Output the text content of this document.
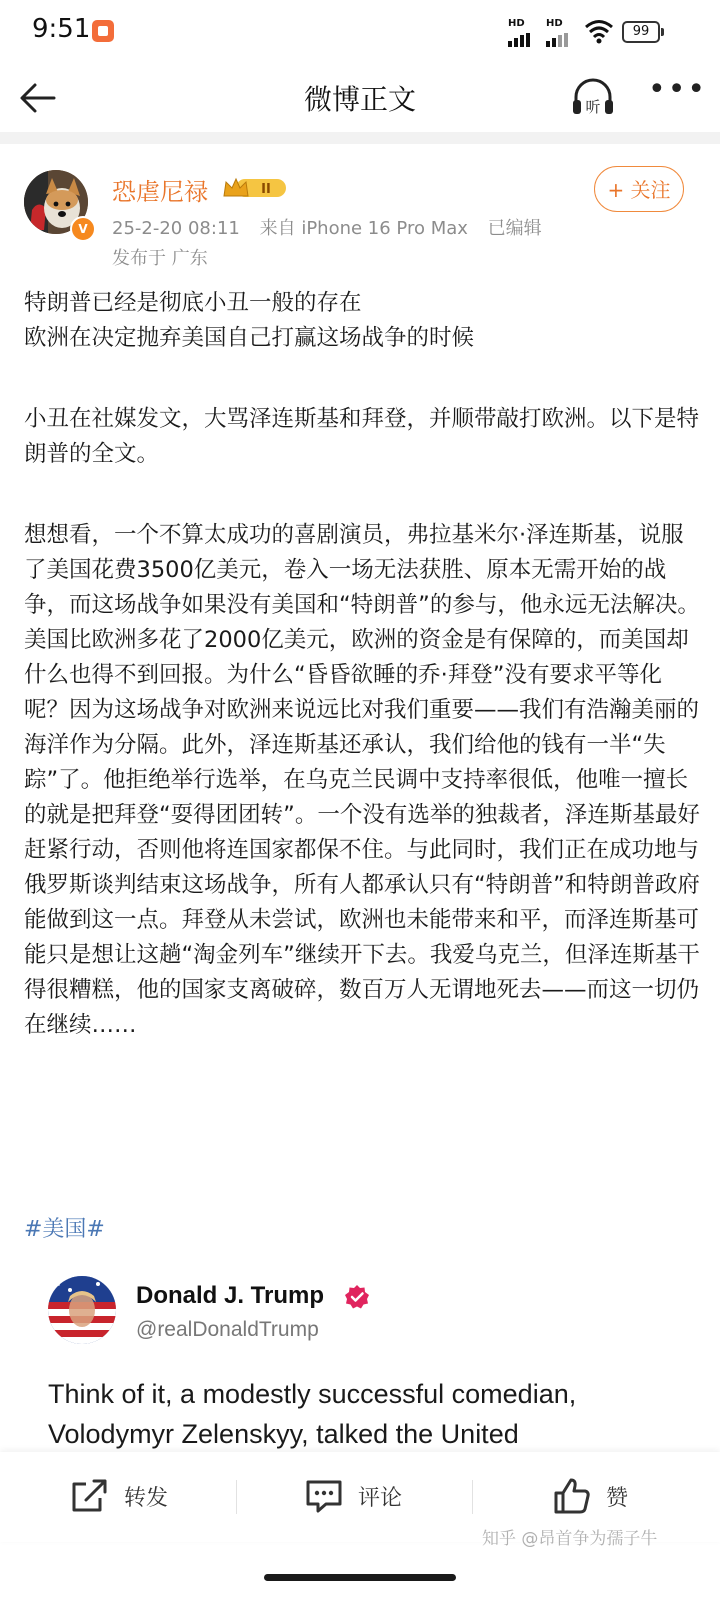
9:51	HD HD
99
微博正文	听 •••
V
恐虐尼禄	II
25-2-20 08:11 来自 iPhone 16 Pro Max 已编辑
发布于 广东
+ 关注

特朗普已经是彻底小丑一般的存在
欧洲在决定抛弃美国自己打赢这场战争的时候

小丑在社媒发文，大骂泽连斯基和拜登，并顺带敲打欧洲。以下是特朗普的全文。

想想看，一个不算太成功的喜剧演员，弗拉基米尔·泽连斯基，说服了美国花费3500亿美元，卷入一场无法获胜、原本无需开始的战争，而这场战争如果没有美国和“特朗普”的参与，他永远无法解决。美国比欧洲多花了2000亿美元，欧洲的资金是有保障的，而美国却什么也得不到回报。为什么“昏昏欲睡的乔·拜登”没有要求平等化呢？因为这场战争对欧洲来说远比对我们重要——我们有浩瀚美丽的海洋作为分隔。此外，泽连斯基还承认，我们给他的钱有一半“失踪”了。他拒绝举行选举，在乌克兰民调中支持率很低，他唯一擅长的就是把拜登“耍得团团转”。一个没有选举的独裁者，泽连斯基最好赶紧行动，否则他将连国家都保不住。与此同时，我们正在成功地与俄罗斯谈判结束这场战争，所有人都承认只有“特朗普”和特朗普政府能做到这一点。拜登从未尝试，欧洲也未能带来和平，而泽连斯基可能只是想让这趟“淘金列车”继续开下去。我爱乌克兰，但泽连斯基干得很糟糕，他的国家支离破碎，数百万人无谓地死去——而这一切仍在继续……

#美国#
Donald J. Trump
@realDonaldTrump

Think of it, a modestly successful comedian, Volodymyr Zelenskyy, talked the United

转发	评论	赞
知乎 @昂首争为孺子牛
